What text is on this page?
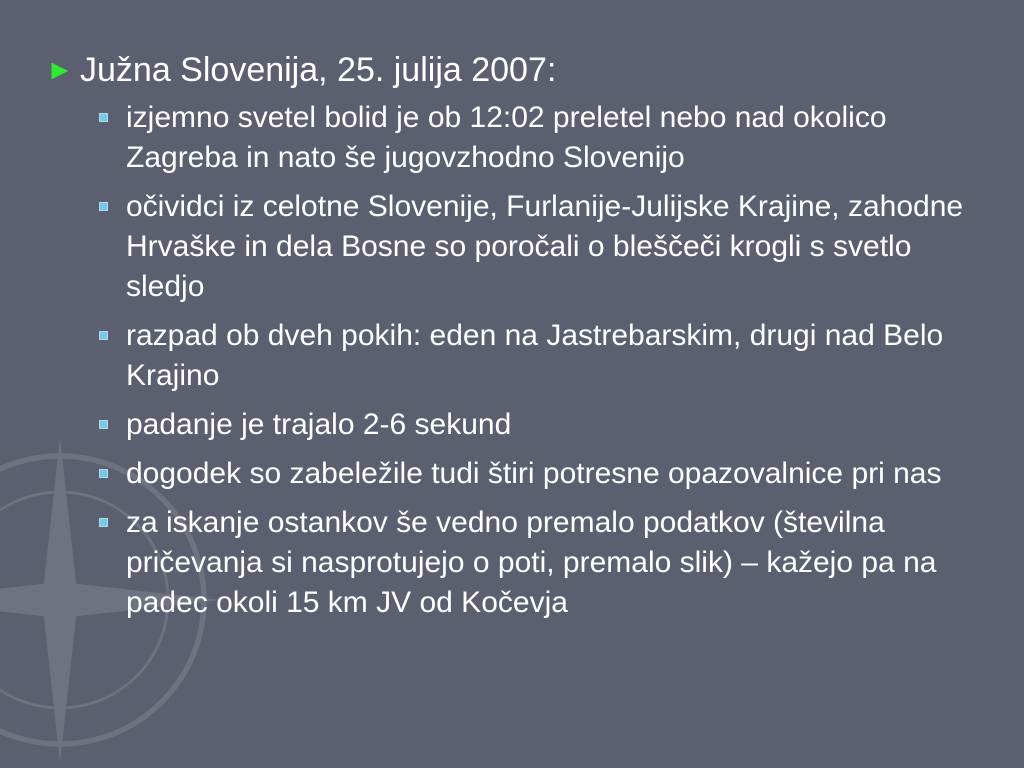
► Južna Slovenija, 25. julija 2007:
izjemno svetel bolid je ob 12:02 preletel nebo nad okolico Zagreba in nato še jugovzhodno Slovenijo
očividci iz celotne Slovenije, Furlanije-Julijske Krajine, zahodne Hrvaške in dela Bosne so poročali o bleščeči krogli s svetlo sledjo
razpad ob dveh pokih: eden na Jastrebarskim, drugi nad Belo Krajino
padanje je trajalo 2-6 sekund
dogodek so zabeležile tudi štiri potresne opazovalnice pri nas
za iskanje ostankov še vedno premalo podatkov (številna pričevanja si nasprotujejo o poti, premalo slik) – kažejo pa na padec okoli 15 km JV od Kočevja
